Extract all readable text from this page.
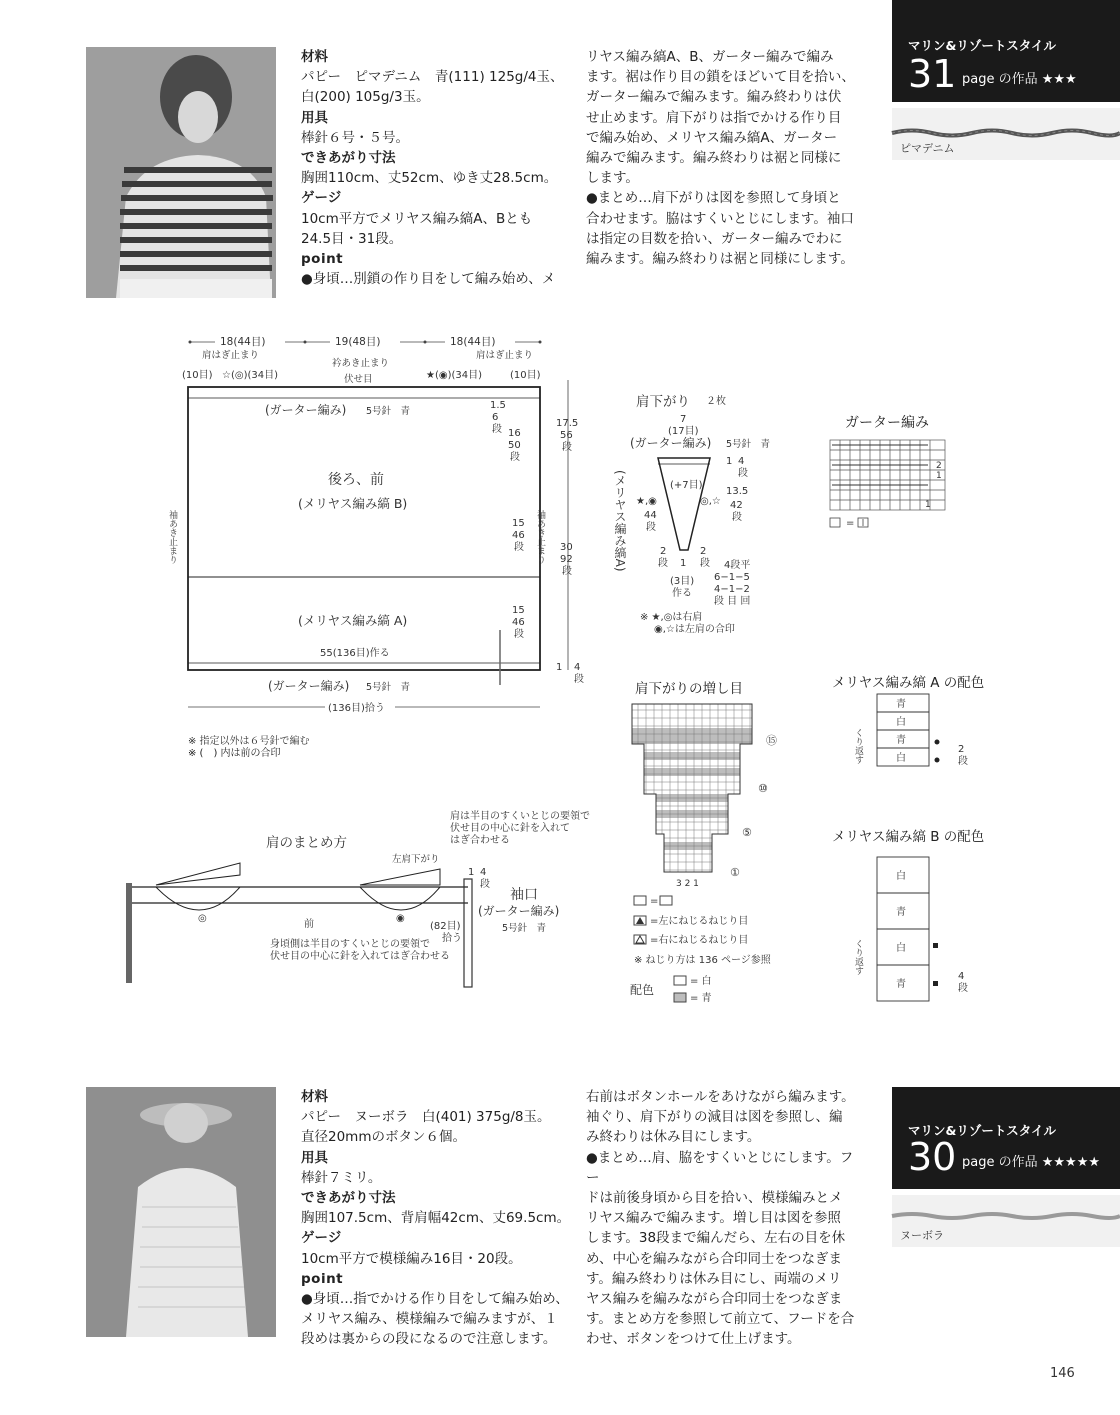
材料
パピー　ピマデニム　青(111) 125g/4玉、
白(200) 105g/3玉。
用具
棒針６号・５号。
できあがり寸法
胸囲110cm、丈52cm、ゆき丈28.5cm。
ゲージ
10cm平方でメリヤス編み縞A、Bとも
24.5目・31段。
point
●身頃…別鎖の作り目をして編み始め、メ
リヤス編み縞A、B、ガーター編みで編み
ます。裾は作り目の鎖をほどいて目を拾い、
ガーター編みで編みます。編み終わりは伏
せ止めます。肩下がりは指でかける作り目
で編み始め、メリヤス編み縞A、ガーター
編みで編みます。編み終わりは裾と同様に
します。
●まとめ…肩下がりは図を参照して身頃と
合わせます。脇はすくいとじにします。袖口
は指定の目数を拾い、ガーター編みでわに
編みます。編み終わりは裾と同様にします。
マリン&リゾートスタイル
31 page の作品 ★★★
ピマデニム
18(44目)	19(48目)	18(44目)
肩はぎ止まり	肩はぎ止まり
衿あき止まり
伏せ目
(10目) ☆(◎)(34目)	★(◉)(34目)	(10目)
(ガーター編み) 5号針　青
後ろ、前
(メリヤス編み縞 B)
(メリヤス編み縞 A)
55(136目)作る
(ガーター編み) 5号針　青
(136目)拾う
袖あき止まり	袖あき止まり
1.5
6
段 16
50
段
15
46
段
15
46
段
17.5
56
段
30
92
段
1 4
段
※ 指定以外は６号針で編む
※ (　) 内は前の合印
肩下がり ２枚
7
(17目)
(ガーター編み) 5号針　青
(+7目)
★,◉	◎,☆
44
段
(メリヤス編み縞A)
1 4
段
13.5
42
段
2
段
2
段
1
(3目)
作る
4段平
6−1−5
4−1−2
段 目 回
※ ★,◎は右肩
◉,☆は左肩の合印
ガーター編み
2
1
1
=
肩下がりの増し目
⑮
⑩
⑤
①
3 2 1
=
=左にねじるねじり目
=右にねじるねじり目
※ ねじり方は 136 ページ参照
配色
= 白
= 青
メリヤス編み縞 A の配色
青
白
青
白
くり返す	2
段
メリヤス編み縞 B の配色
白
青
白
青
くり返す
4
段
肩のまとめ方
肩は半目のすくいとじの要領で
伏せ目の中心に針を入れて
はぎ合わせる
左肩下がり
◎	◉
前
身頃側は半目のすくいとじの要領で
伏せ目の中心に針を入れてはぎ合わせる
(82目)
拾う
1 4
段
袖口
(ガーター編み)
5号針　青
材料
パピー　ヌーボラ　白(401) 375g/8玉。
直径20mmのボタン６個。
用具
棒針７ミリ。
できあがり寸法
胸囲107.5cm、背肩幅42cm、丈69.5cm。
ゲージ
10cm平方で模様編み16目・20段。
point
●身頃…指でかける作り目をして編み始め、
メリヤス編み、模様編みで編みますが、１
段めは裏からの段になるので注意します。
右前はボタンホールをあけながら編みます。
袖ぐり、肩下がりの減目は図を参照し、編
み終わりは休み目にします。
●まとめ…肩、脇をすくいとじにします。フー
ドは前後身頃から目を拾い、模様編みとメ
リヤス編みで編みます。増し目は図を参照
します。38段まで編んだら、左右の目を休
め、中心を編みながら合印同士をつなぎま
す。編み終わりは休み目にし、両端のメリ
ヤス編みを編みながら合印同士をつなぎま
す。まとめ方を参照して前立て、フードを合
わせ、ボタンをつけて仕上げます。
マリン&リゾートスタイル
30 page の作品 ★★★★★
ヌーボラ
146
